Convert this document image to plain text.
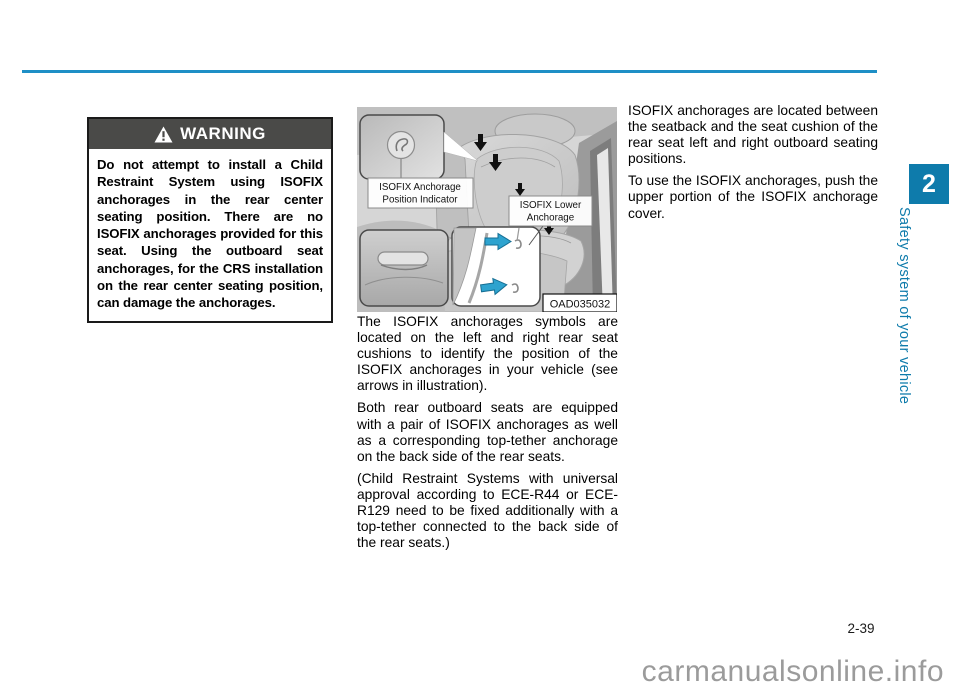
WARNING
Do not attempt to install a Child Restraint System using ISOFIX anchorages in the rear center seating position. There are no ISOFIX anchorages provided for this seat. Using the outboard seat anchorages, for the CRS installation on the rear center seating position, can damage the anchorages.
ISOFIX Anchorage
Position Indicator	ISOFIX Lower
Anchorage
OAD035032

The ISOFIX anchorages symbols are located on the left and right rear seat cushions to identify the position of the ISOFIX anchorages in your vehicle (see arrows in illustration).

Both rear outboard seats are equipped with a pair of ISOFIX anchorages as well as a corresponding top-tether anchorage on the back side of the rear seats.

(Child Restraint Systems with universal approval according to ECE-R44 or ECE-R129 need to be fixed additionally with a top-tether connected to the back side of the rear seats.)

ISOFIX anchorages are located between the seatback and the seat cushion of the rear seat left and right outboard seating positions.

To use the ISOFIX anchorages, push the upper portion of the ISOFIX anchorage cover.

2
Safety system of your vehicle
2-39
carmanualsonline.info
